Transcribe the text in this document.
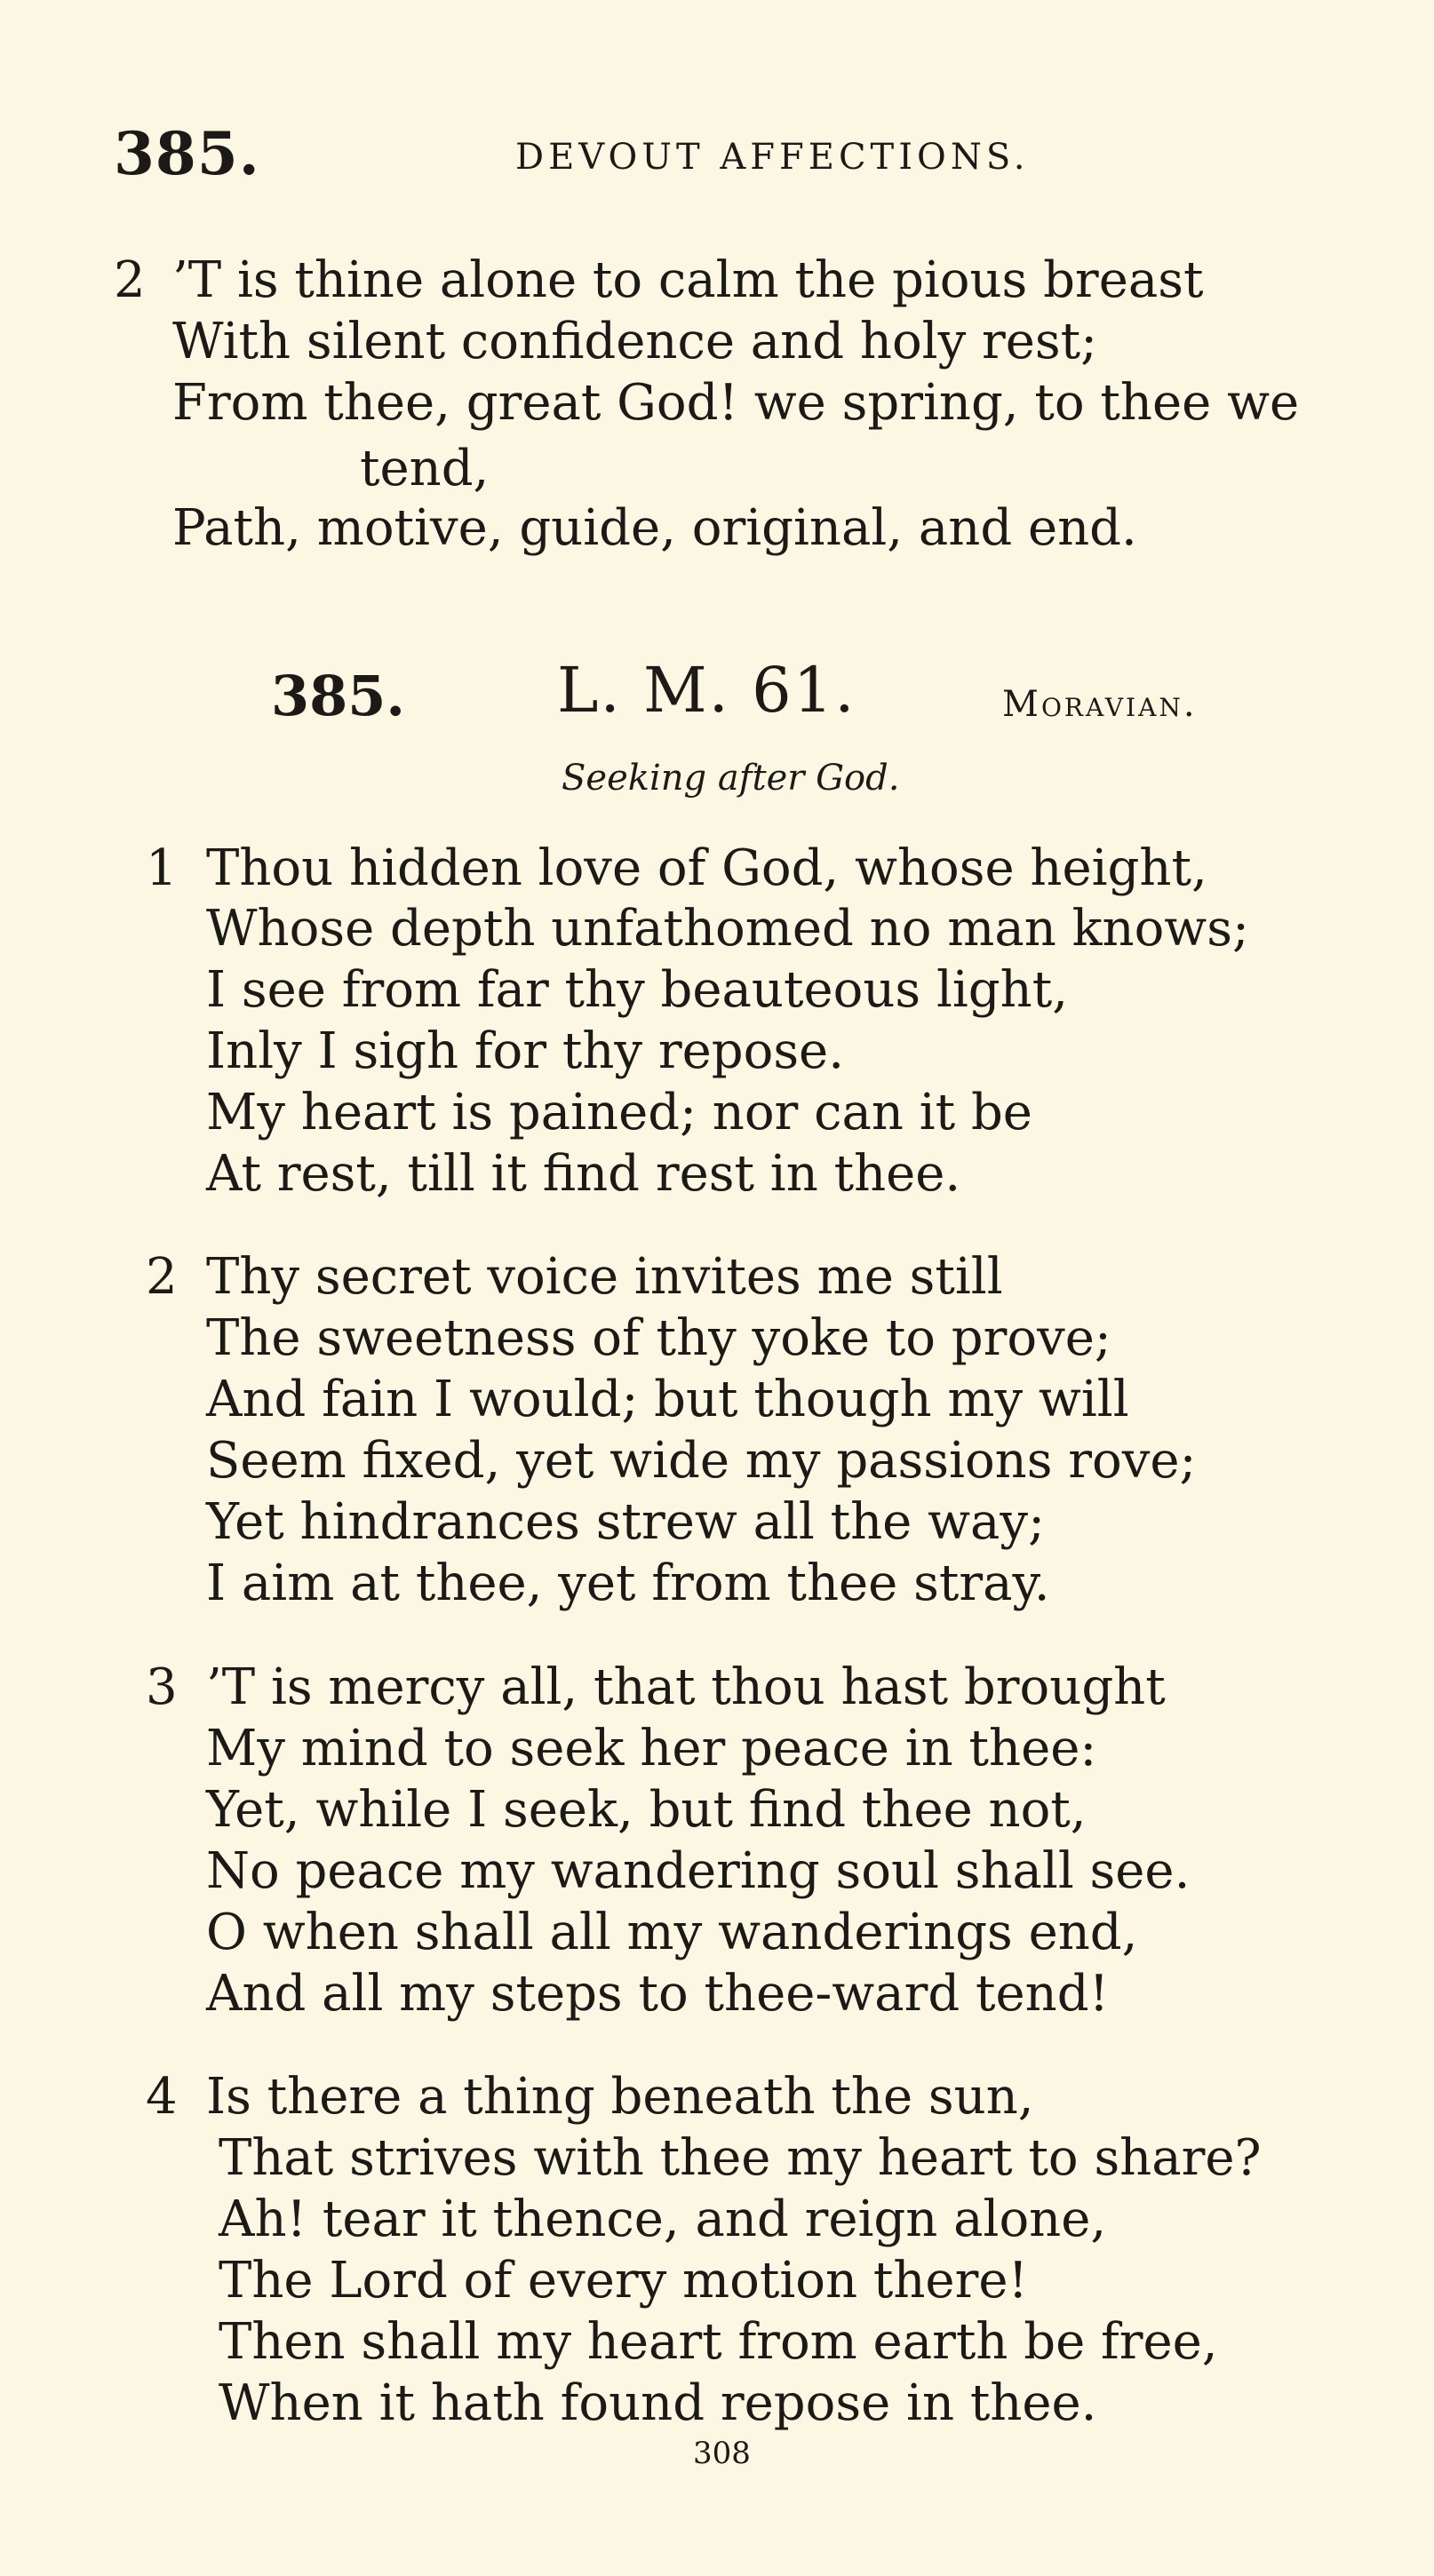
385.	DEVOUT AFFECTIONS.
2 ’T is thine alone to calm the pious breast
With silent confidence and holy rest;
From thee, great God! we spring, to thee we
tend,
Path, motive, guide, original, and end.
385. L. M. 61.	Moravian.
Seeking after God.
1 Thou hidden love of God, whose height,
Whose depth unfathomed no man knows;
I see from far thy beauteous light,
Inly I sigh for thy repose.
My heart is pained; nor can it be
At rest, till it find rest in thee.
2 Thy secret voice invites me still
The sweetness of thy yoke to prove;
And fain I would; but though my will
Seem fixed, yet wide my passions rove;
Yet hindrances strew all the way;
I aim at thee, yet from thee stray.
3 ’T is mercy all, that thou hast brought
My mind to seek her peace in thee:
Yet, while I seek, but find thee not,
No peace my wandering soul shall see.
O when shall all my wanderings end,
And all my steps to thee-ward tend!
4 Is there a thing beneath the sun,
That strives with thee my heart to share?
Ah! tear it thence, and reign alone,
The Lord of every motion there!
Then shall my heart from earth be free,
When it hath found repose in thee.
308
